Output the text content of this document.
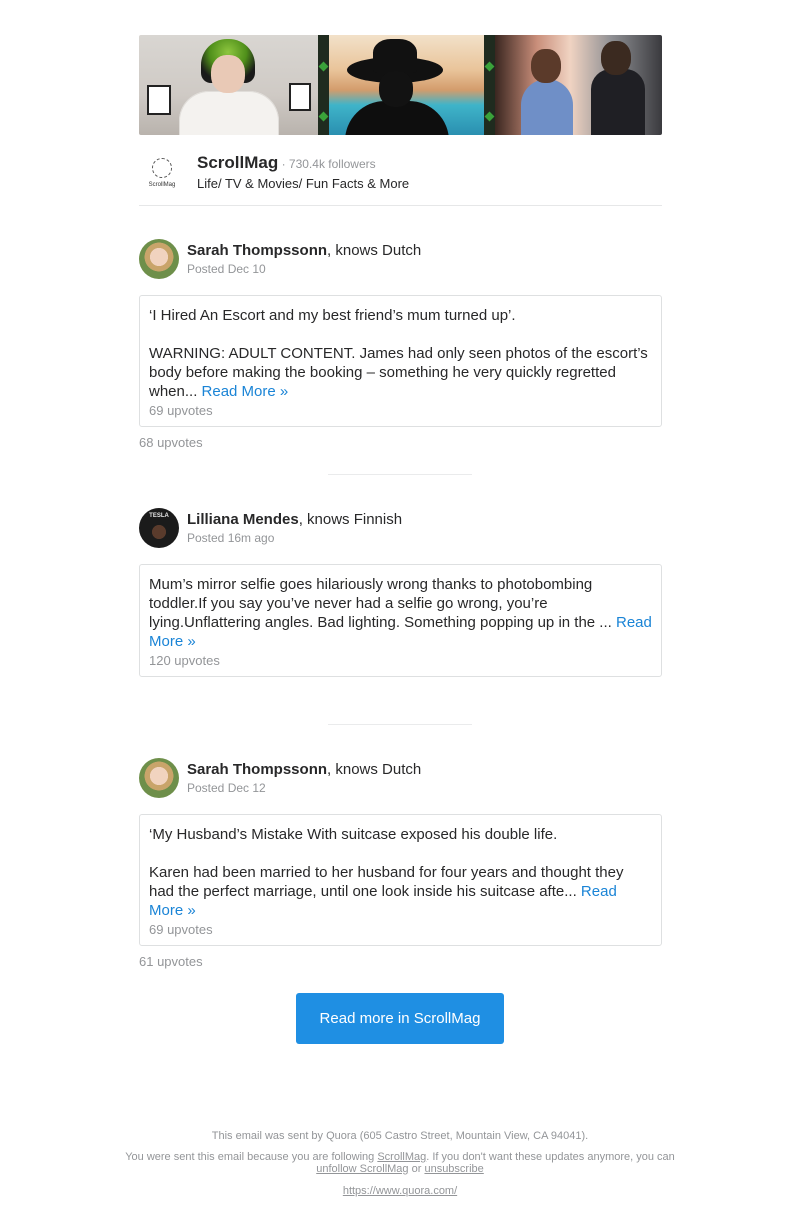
ScrollMag
ScrollMag · 730.4k followers
Life/ TV & Movies/ Fun Facts & More
Sarah Thompssonn, knows Dutch
Posted Dec 10

‘I Hired An Escort and my best friend’s mum turned up’.

WARNING: ADULT CONTENT. James had only seen photos of the escort’s body before making the booking – something he very quickly regretted when... Read More »

69 upvotes
68 upvotes
TESLA	Lilliana Mendes, knows Finnish
Posted 16m ago

Mum’s mirror selfie goes hilariously wrong thanks to photobombing toddler.If you say you’ve never had a selfie go wrong, you’re lying.Unflattering angles. Bad lighting. Something popping up in the ... Read More »

120 upvotes
Sarah Thompssonn, knows Dutch
Posted Dec 12

‘My Husband’s Mistake With suitcase exposed his double life.

Karen had been married to her husband for four years and thought they had the perfect marriage, until one look inside his suitcase afte... Read More »

69 upvotes
61 upvotes
Read more in ScrollMag
This email was sent by Quora (605 Castro Street, Mountain View, CA 94041).
You were sent this email because you are following ScrollMag. If you don't want these updates anymore, you can unfollow ScrollMag or unsubscribe
https://www.quora.com/
